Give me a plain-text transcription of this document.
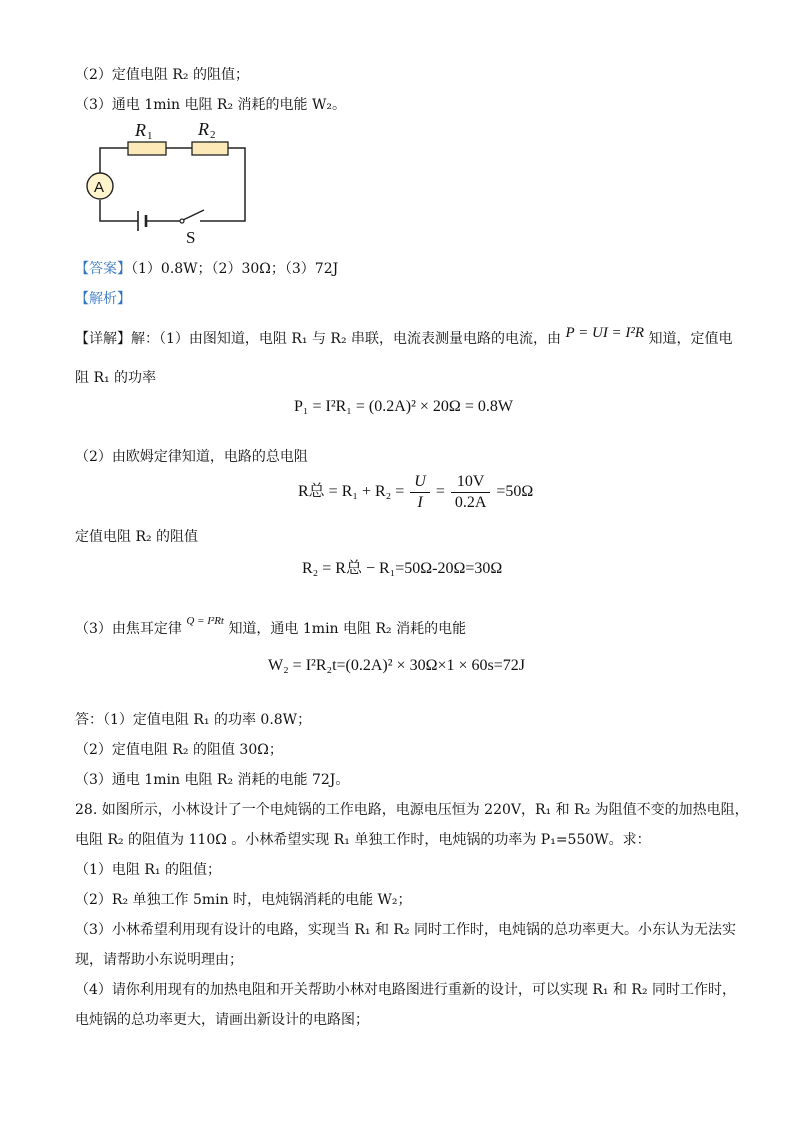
（2）定值电阻 R₂ 的阻值；
（3）通电 1min 电阻 R₂ 消耗的电能 W₂。
R 1	R 2
A
S
【答案】（1）0.8W；（2）30Ω；（3）72J
【解析】
【详解】解：（1）由图知道，电阻 R₁ 与 R₂ 串联，电流表测量电路的电流，由 P = UI = I²R 知道，定值电
阻 R₁ 的功率
P₁ = I²R₁ = (0.2A)² × 20Ω = 0.8W
（2）由欧姆定律知道，电路的总电阻
R总 = $R_1 + R_2 = \frac{U}{I} = \frac{10V}{0.2A} =50\Omega$
定值电阻 R₂ 的阻值
R₂ = R总 − R₁=50Ω-20Ω=30Ω
（3）由焦耳定律 $^{Q = I^2Rt}$ 知道，通电 1min 电阻 R₂ 消耗的电能
W₂ = I²R₂t=(0.2A)² × 30Ω×1 × 60s=72J
答：（1）定值电阻 R₁ 的功率 0.8W；
（2）定值电阻 R₂ 的阻值 30Ω；
（3）通电 1min 电阻 R₂ 消耗的电能 72J。
28. 如图所示，小林设计了一个电炖锅的工作电路，电源电压恒为 220V，R₁ 和 R₂ 为阻值不变的加热电阻，
电阻 R₂ 的阻值为 110Ω 。小林希望实现 R₁ 单独工作时，电炖锅的功率为 P₁=550W。求：
（1）电阻 R₁ 的阻值；
（2）R₂ 单独工作 5min 时，电炖锅消耗的电能 W₂；
（3）小林希望利用现有设计的电路，实现当 R₁ 和 R₂ 同时工作时，电炖锅的总功率更大。小东认为无法实
现，请帮助小东说明理由；
（4）请你利用现有的加热电阻和开关帮助小林对电路图进行重新的设计，可以实现 R₁ 和 R₂ 同时工作时，
电炖锅的总功率更大，请画出新设计的电路图；
